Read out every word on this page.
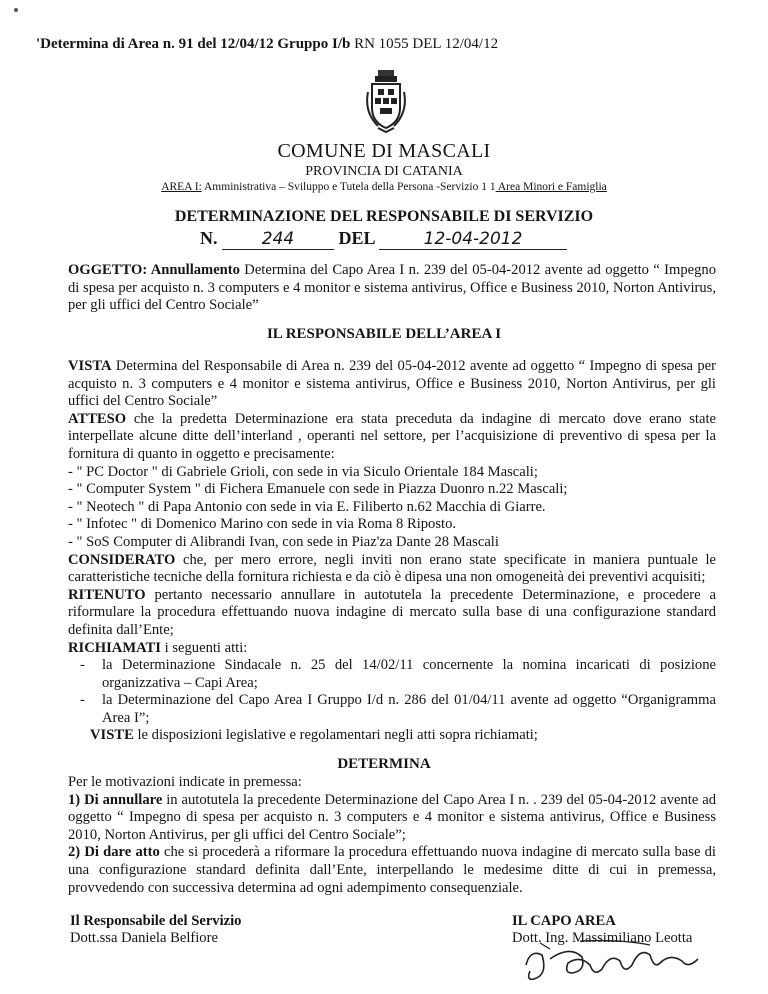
'Determina di Area n. 91 del 12/04/12 Gruppo I/b RN 1055 DEL 12/04/12
COMUNE DI MASCALI
PROVINCIA DI CATANIA
AREA I: Amministrativa – Sviluppo e Tutela della Persona -Servizio 1 1 Area Minori e Famiglia
DETERMINAZIONE DEL RESPONSABILE DI SERVIZIO
N.	244 DEL	12-04-2012

OGGETTO: Annullamento Determina del Capo Area I n. 239 del 05-04-2012 avente ad oggetto “ Impegno di spesa per acquisto n. 3 computers e 4 monitor e sistema antivirus, Office e Business 2010, Norton Antivirus, per gli uffici del Centro Sociale”

IL RESPONSABILE DELL’AREA I

VISTA Determina del Responsabile di Area n. 239 del 05-04-2012 avente ad oggetto “ Impegno di spesa per acquisto n. 3 computers e 4 monitor e sistema antivirus, Office e Business 2010, Norton Antivirus, per gli uffici del Centro Sociale”

ATTESO che la predetta Determinazione era stata preceduta da indagine di mercato dove erano state interpellate alcune ditte dell’interland , operanti nel settore, per l’acquisizione di preventivo di spesa per la fornitura di quanto in oggetto e precisamente:

- " PC Doctor " di Gabriele Grioli, con sede in via Siculo Orientale 184 Mascali;

- " Computer System " di Fichera Emanuele con sede in Piazza Duonro n.22 Mascali;

- " Neotech " di Papa Antonio con sede in via E. Filiberto n.62 Macchia di Giarre.

- " Infotec " di Domenico Marino con sede in via Roma 8 Riposto.

- " SoS Computer di Alibrandi Ivan, con sede in Piaz'za Dante 28 Mascali

CONSIDERATO che, per mero errore, negli inviti non erano state specificate in maniera puntuale le caratteristiche tecniche della fornitura richiesta e da ciò è dipesa una non omogeneità dei preventivi acquisiti;

RITENUTO pertanto necessario annullare in autotutela la precedente Determinazione, e procedere a riformulare la procedura effettuando nuova indagine di mercato sulla base di una configurazione standard definita dall’Ente;

RICHIAMATI i seguenti atti:

- la Determinazione Sindacale n. 25 del 14/02/11 concernente la nomina incaricati di posizione organizzativa – Capi Area;

- la Determinazione del Capo Area I Gruppo I/d n. 286 del 01/04/11 avente ad oggetto “Organigramma Area I”;

VISTE le disposizioni legislative e regolamentari negli atti sopra richiamati;

DETERMINA

Per le motivazioni indicate in premessa:

1) Di annullare in autotutela la precedente Determinazione del Capo Area I n. . 239 del 05-04-2012 avente ad oggetto “ Impegno di spesa per acquisto n. 3 computers e 4 monitor e sistema antivirus, Office e Business 2010, Norton Antivirus, per gli uffici del Centro Sociale”;

2) Di dare atto che si procederà a riformare la procedura effettuando nuova indagine di mercato sulla base di una configurazione standard definita dall’Ente, interpellando le medesime ditte di cui in premessa, provvedendo con successiva determina ad ogni adempimento consequenziale.

Il Responsabile del Servizio
Dott.ssa Daniela Belfiore
IL CAPO AREA
Dott. Ing. Massimiliano Leotta
